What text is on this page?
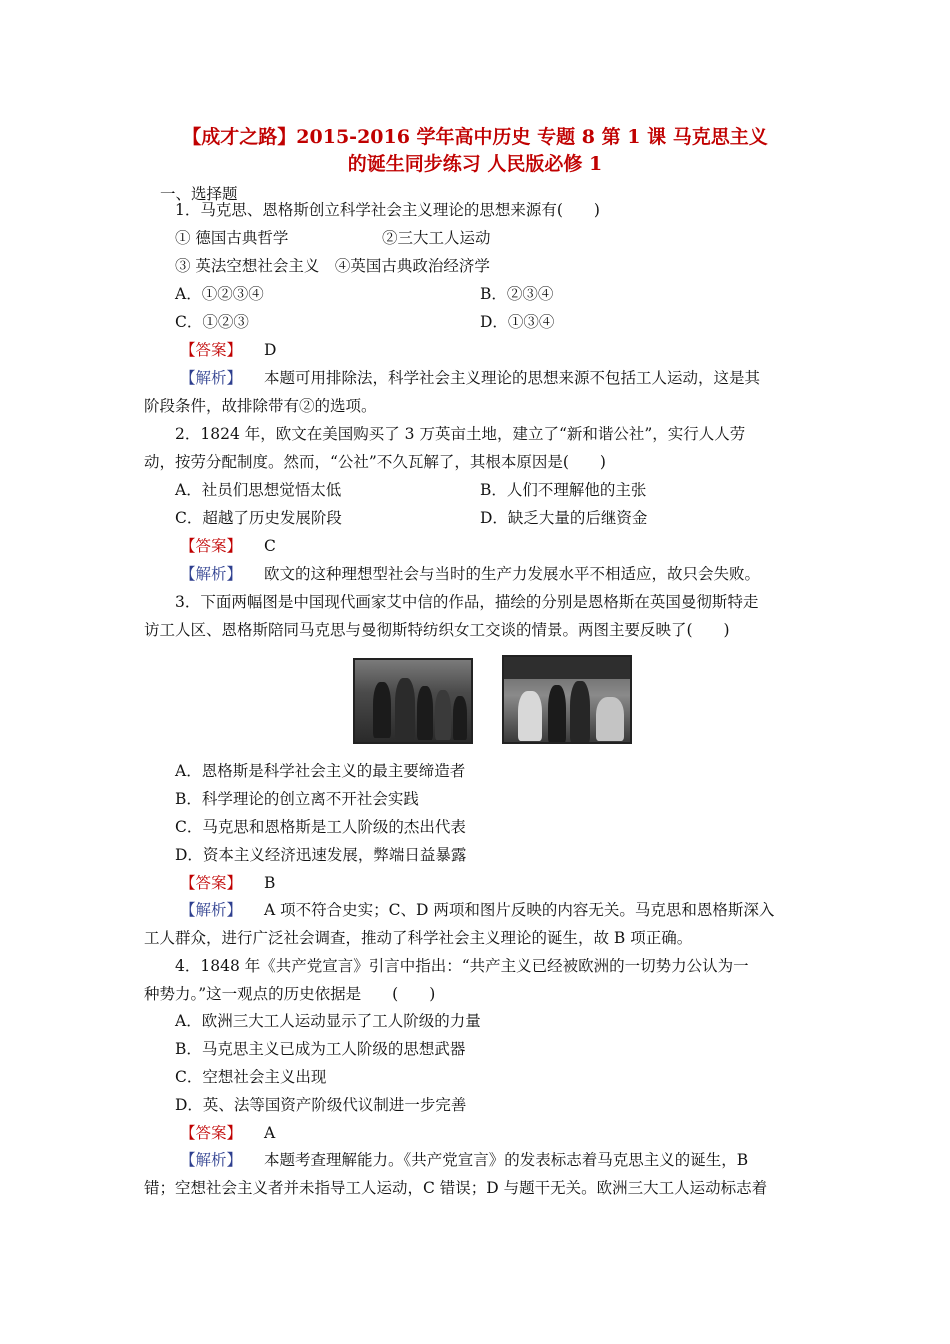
【成才之路】2015-2016 学年高中历史 专题 8 第 1 课 马克思主义
的诞生同步练习 人民版必修 1
一、选择题
1．马克思、恩格斯创立科学社会主义理论的思想来源有(　　)
① 德国古典哲学	②三大工人运动
③ 英法空想社会主义　④英国古典政治经济学
A．①②③④	B．②③④
C．①②③	D．①③④
【答案】 D
【解析】 本题可用排除法，科学社会主义理论的思想来源不包括工人运动，这是其
阶段条件，故排除带有②的选项。
2．1824 年，欧文在美国购买了 3 万英亩土地，建立了“新和谐公社”，实行人人劳
动，按劳分配制度。然而，“公社”不久瓦解了，其根本原因是(　　)
A．社员们思想觉悟太低	B．人们不理解他的主张
C．超越了历史发展阶段	D．缺乏大量的后继资金
【答案】 C
【解析】 欧文的这种理想型社会与当时的生产力发展水平不相适应，故只会失败。
3．下面两幅图是中国现代画家艾中信的作品，描绘的分别是恩格斯在英国曼彻斯特走
访工人区、恩格斯陪同马克思与曼彻斯特纺织女工交谈的情景。两图主要反映了(　　)
A．恩格斯是科学社会主义的最主要缔造者
B．科学理论的创立离不开社会实践
C．马克思和恩格斯是工人阶级的杰出代表
D．资本主义经济迅速发展，弊端日益暴露
【答案】 B
【解析】 A 项不符合史实；C、D 两项和图片反映的内容无关。马克思和恩格斯深入
工人群众，进行广泛社会调查，推动了科学社会主义理论的诞生，故 B 项正确。
4．1848 年《共产党宣言》引言中指出：“共产主义已经被欧洲的一切势力公认为一
种势力。”这一观点的历史依据是　　(　　)
A．欧洲三大工人运动显示了工人阶级的力量
B．马克思主义已成为工人阶级的思想武器
C．空想社会主义出现
D．英、法等国资产阶级代议制进一步完善
【答案】 A
【解析】 本题考查理解能力。《共产党宣言》的发表标志着马克思主义的诞生，B
错；空想社会主义者并未指导工人运动，C 错误；D 与题干无关。欧洲三大工人运动标志着
